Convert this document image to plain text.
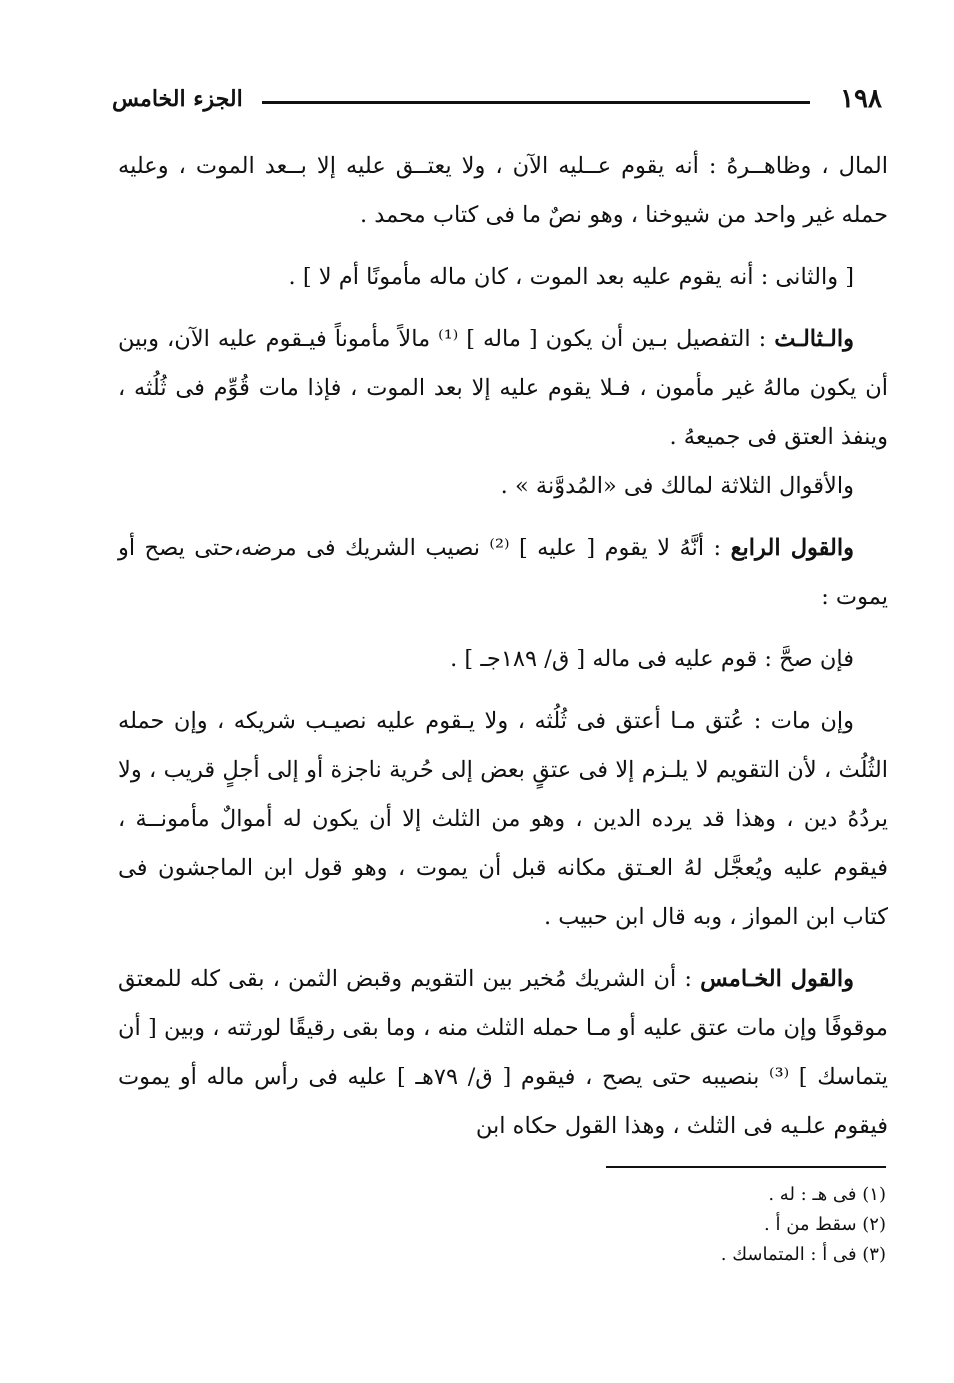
١٩٨
الجزء الخامس

المال ، وظاهــرهُ : أنه يقوم عــليه الآن ، ولا يعتــق عليه إلا بــعد الموت ، وعليه حمله غير واحد من شيوخنا ، وهو نصٌ ما فى كتاب محمد .

[ والثانى : أنه يقوم عليه بعد الموت ، كان ماله مأمونًا أم لا ] .

والـثالـث : التفصيل بـين أن يكون [ ماله ] ⁽¹⁾ مالاً مأموناً فيـقوم عليه الآن، وبين أن يكون مالهُ غير مأمون ، فـلا يقوم عليه إلا بعد الموت ، فإذا مات قُوِّم فى ثُلُثه ، وينفذ العتق فى جميعهُ .

والأقوال الثلاثة لمالك فى «المُدوَّنة » .

والقول الرابع : أنَّهُ لا يقوم [ عليه ] ⁽²⁾ نصيب الشريك فى مرضه،حتى يصح أو يموت :

فإن صحَّ : قوم عليه فى ماله [ ق/ ١٨٩جـ ] .

وإن مات : عُتق مـا أعتق فى ثُلُثه ، ولا يـقوم عليه نصيـب شريكه ، وإن حمله الثُلُث ، لأن التقويم لا يلـزم إلا فى عتقٍ بعض إلى حُرية ناجزة أو إلى أجلٍ قريب ، ولا يردُهُ دين ، وهذا قد يرده الدين ، وهو من الثلث إلا أن يكون له أموالٌ مأمونــة ، فيقوم عليه ويُعجَّل لهُ العـتق مكانه قبل أن يموت ، وهو قول ابن الماجشون فى كتاب ابن المواز ، وبه قال ابن حبيب .

والقول الخـامس : أن الشريك مُخير بين التقويم وقبض الثمن ، بقى كله للمعتق موقوفًا وإن مات عتق عليه أو مـا حمله الثلث منه ، وما بقى رقيقًا لورثته ، وبين [ أن يتماسك ] ⁽³⁾ بنصيبه حتى يصح ، فيقوم [ ق/ ٧٩هـ ] عليه فى رأس ماله أو يموت فيقوم علـيه فى الثلث ، وهذا القول حكاه ابن

(١) فى هـ : له .
(٢) سقط من أ .
(٣) فى أ : المتماسك .
